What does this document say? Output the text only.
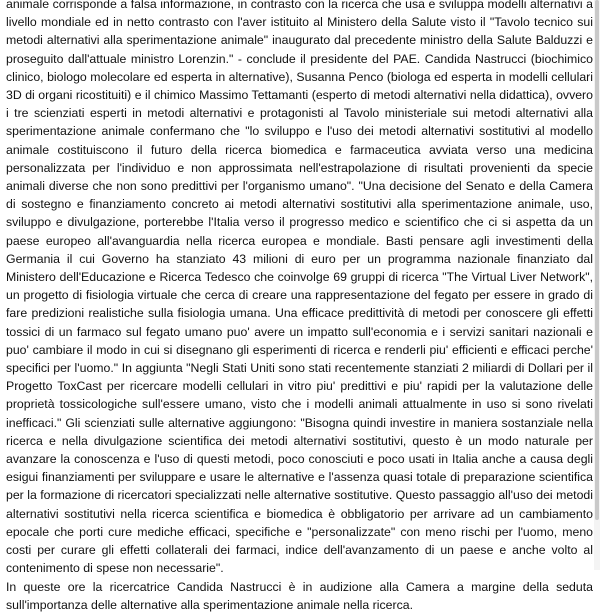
animale corrisponde a falsa informazione, in contrasto con la ricerca che usa e sviluppa modelli alternativi a livello mondiale ed in netto contrasto con l'aver istituito al Ministero della Salute visto il "Tavolo tecnico sui metodi alternativi alla sperimentazione animale" inaugurato dal precedente ministro della Salute Balduzzi e proseguito dall'attuale ministro Lorenzin." - conclude il presidente del PAE. Candida Nastrucci (biochimico clinico, biologo molecolare ed esperta in alternative), Susanna Penco (biologa ed esperta in modelli cellulari 3D di organi ricostituiti) e il chimico Massimo Tettamanti (esperto di metodi alternativi nella didattica), ovvero i tre scienziati esperti in metodi alternativi e protagonisti al Tavolo ministeriale sui metodi alternativi alla sperimentazione animale confermano che "lo sviluppo e l'uso dei metodi alternativi sostitutivi al modello animale costituiscono il futuro della ricerca biomedica e farmaceutica avviata verso una medicina personalizzata per l'individuo e non approssimata nell'estrapolazione di risultati provenienti da specie animali diverse che non sono predittivi per l'organismo umano". "Una decisione del Senato e della Camera di sostegno e finanziamento concreto ai metodi alternativi sostitutivi alla sperimentazione animale, uso, sviluppo e divulgazione, porterebbe l'Italia verso il progresso medico e scientifico che ci si aspetta da un paese europeo all'avanguardia nella ricerca europea e mondiale. Basti pensare agli investimenti della Germania il cui Governo ha stanziato 43 milioni di euro per un programma nazionale finanziato dal Ministero dell'Educazione e Ricerca Tedesco che coinvolge 69 gruppi di ricerca "The Virtual Liver Network", un progetto di fisiologia virtuale che cerca di creare una rappresentazione del fegato per essere in grado di fare predizioni realistiche sulla fisiologia umana. Una efficace predittività di metodi per conoscere gli effetti tossici di un farmaco sul fegato umano puo' avere un impatto sull'economia e i servizi sanitari nazionali e puo' cambiare il modo in cui si disegnano gli esperimenti di ricerca e renderli piu' efficienti e efficaci perche' specifici per l'uomo." In aggiunta "Negli Stati Uniti sono stati recentemente stanziati 2 miliardi di Dollari per il Progetto ToxCast per ricercare modelli cellulari in vitro piu' predittivi e piu' rapidi per la valutazione delle proprietà tossicologiche sull'essere umano, visto che i modelli animali attualmente in uso si sono rivelati inefficaci." Gli scienziati sulle alternative aggiungono: "Bisogna quindi investire in maniera sostanziale nella ricerca e nella divulgazione scientifica dei metodi alternativi sostitutivi, questo è un modo naturale per avanzare la conoscenza e l'uso di questi metodi, poco conosciuti e poco usati in Italia anche a causa degli esigui finanziamenti per sviluppare e usare le alternative e l'assenza quasi totale di preparazione scientifica per la formazione di ricercatori specializzati nelle alternative sostitutive. Questo passaggio all'uso dei metodi alternativi sostitutivi nella ricerca scientifica e biomedica è obbligatorio per arrivare ad un cambiamento epocale che porti cure mediche efficaci, specifiche e "personalizzate" con meno rischi per l'uomo, meno costi per curare gli effetti collaterali dei farmaci, indice dell'avanzamento di un paese e anche volto al contenimento di spese non necessarie".

In queste ore la ricercatrice Candida Nastrucci è in audizione alla Camera a margine della seduta sull'importanza delle alternative alla sperimentazione animale nella ricerca.
